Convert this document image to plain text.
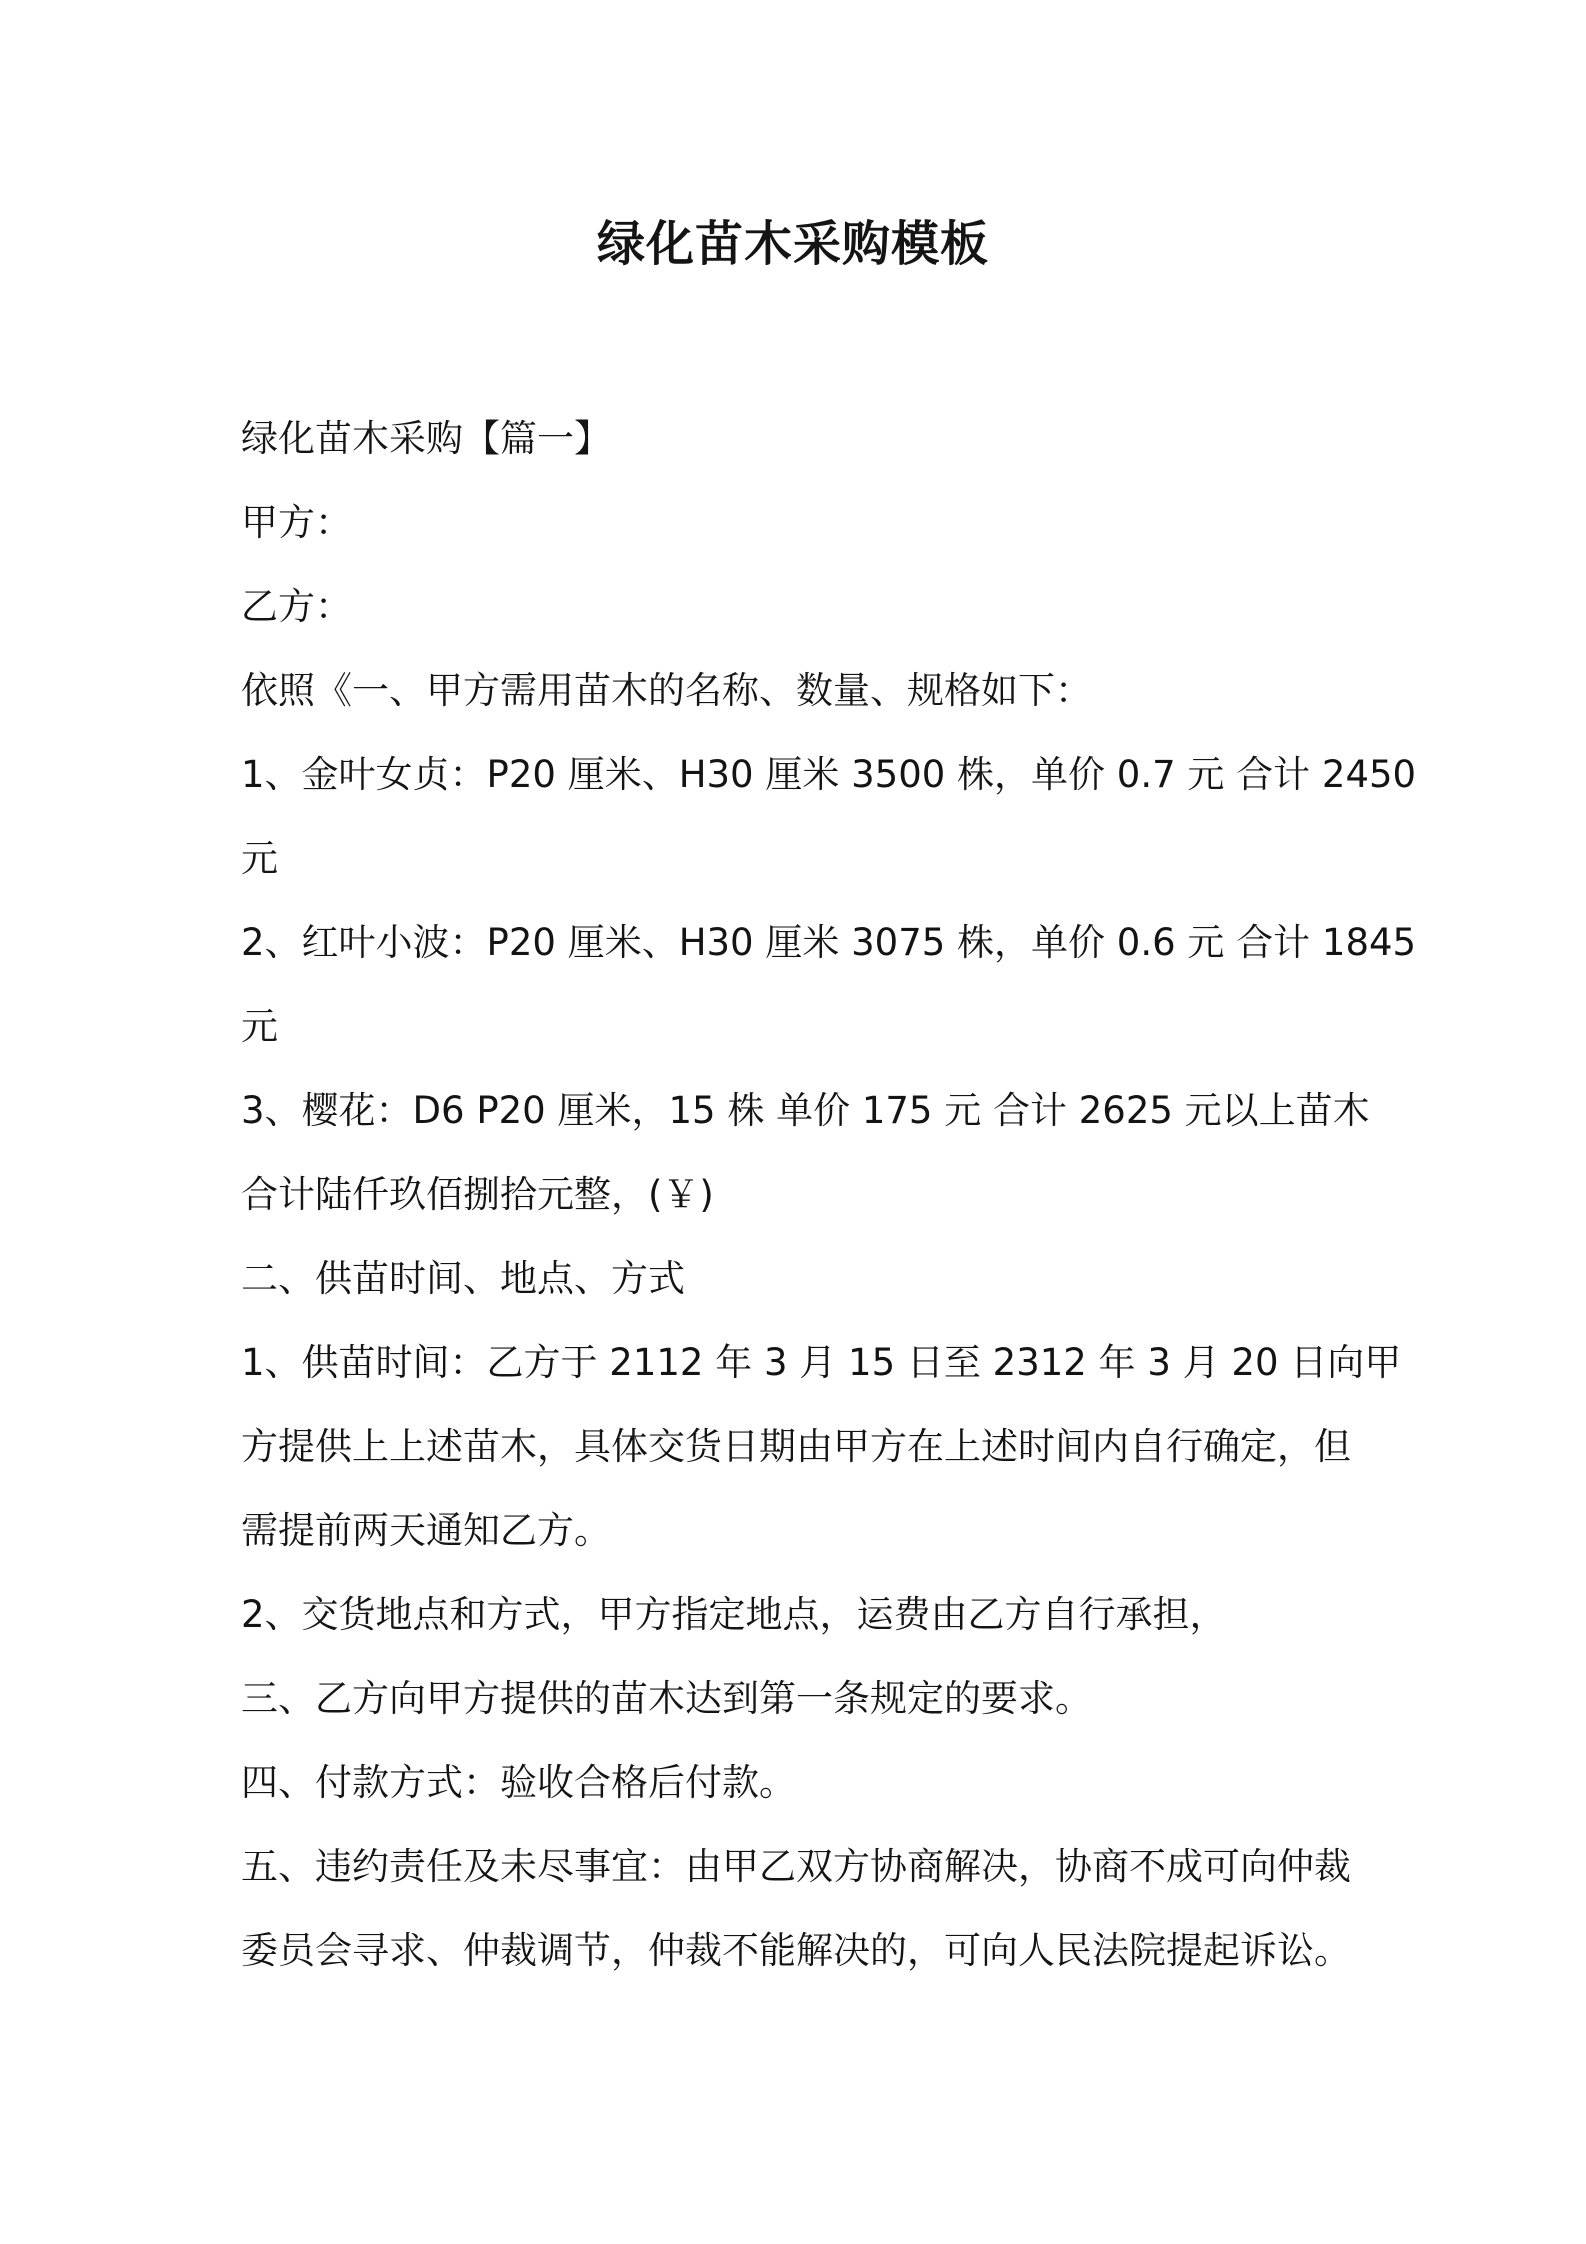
绿化苗木采购模板

绿化苗木采购【篇一】

甲方：

乙方：

依照《一、甲方需用苗木的名称、数量、规格如下：

1、金叶女贞：P20 厘米、H30 厘米 3500 株，单价 0.7 元 合计 2450

元

2、红叶小波：P20 厘米、H30 厘米 3075 株，单价 0.6 元 合计 1845

元

3、樱花：D6 P20 厘米，15 株 单价 175 元 合计 2625 元以上苗木

合计陆仟玖佰捌拾元整，(￥)

二、供苗时间、地点、方式

1、供苗时间：乙方于 2112 年 3 月 15 日至 2312 年 3 月 20 日向甲

方提供上上述苗木，具体交货日期由甲方在上述时间内自行确定，但

需提前两天通知乙方。

2、交货地点和方式，甲方指定地点，运费由乙方自行承担，

三、乙方向甲方提供的苗木达到第一条规定的要求。

四、付款方式：验收合格后付款。

五、违约责任及未尽事宜：由甲乙双方协商解决，协商不成可向仲裁

委员会寻求、仲裁调节，仲裁不能解决的，可向人民法院提起诉讼。
